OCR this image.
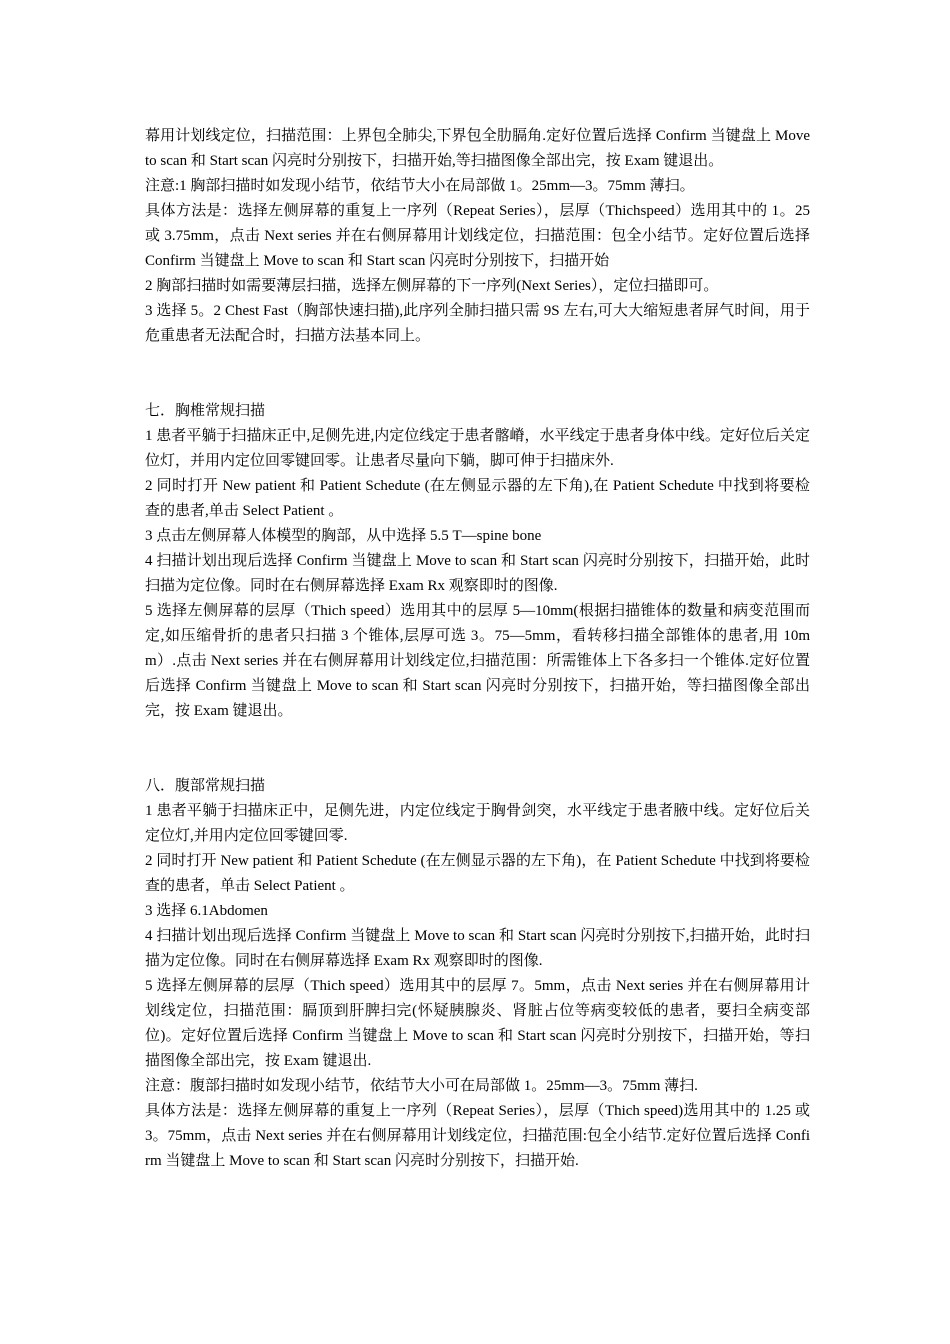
幕用计划线定位，扫描范围：上界包全肺尖,下界包全肋膈角.定好位置后选择 Confirm 当键盘上 Move to scan 和 Start scan 闪亮时分别按下，扫描开始,等扫描图像全部出完，按 Exam 键退出。

注意:1 胸部扫描时如发现小结节，依结节大小在局部做 1。25mm—3。75mm 薄扫。

具体方法是：选择左侧屏幕的重复上一序列（Repeat Series），层厚（Thichspeed）选用其中的 1。25 或 3.75mm，点击 Next series 并在右侧屏幕用计划线定位，扫描范围：包全小结节。定好位置后选择 Confirm 当键盘上 Move to scan 和 Start scan 闪亮时分别按下，扫描开始

2 胸部扫描时如需要薄层扫描，选择左侧屏幕的下一序列(Next Series），定位扫描即可。

3 选择 5。2 Chest Fast（胸部快速扫描),此序列全肺扫描只需 9S 左右,可大大缩短患者屏气时间，用于危重患者无法配合时，扫描方法基本同上。

七．胸椎常规扫描

1 患者平躺于扫描床正中,足侧先进,内定位线定于患者髂嵴，水平线定于患者身体中线。定好位后关定位灯，并用内定位回零键回零。让患者尽量向下躺，脚可伸于扫描床外.

2 同时打开 New patient 和 Patient Schedute (在左侧显示器的左下角),在 Patient Schedute 中找到将要检查的患者,单击 Select Patient 。

3 点击左侧屏幕人体模型的胸部，从中选择 5.5 T—spine bone

4 扫描计划出现后选择 Confirm 当键盘上 Move to scan 和 Start scan 闪亮时分别按下，扫描开始，此时扫描为定位像。同时在右侧屏幕选择 Exam Rx 观察即时的图像.

5 选择左侧屏幕的层厚（Thich speed）选用其中的层厚 5—10mm(根据扫描锥体的数量和病变范围而定,如压缩骨折的患者只扫描 3 个锥体,层厚可选 3。75—5mm，看转移扫描全部锥体的患者,用 10mm）.点击 Next series 并在右侧屏幕用计划线定位,扫描范围：所需锥体上下各多扫一个锥体.定好位置后选择 Confirm 当键盘上 Move to scan 和 Start scan 闪亮时分别按下，扫描开始，等扫描图像全部出完，按 Exam 键退出。

八．腹部常规扫描

1 患者平躺于扫描床正中，足侧先进，内定位线定于胸骨剑突，水平线定于患者腋中线。定好位后关定位灯,并用内定位回零键回零.

2 同时打开 New patient 和 Patient Schedute (在左侧显示器的左下角)，在 Patient Schedute 中找到将要检查的患者，单击 Select Patient 。

3 选择 6.1Abdomen

4 扫描计划出现后选择 Confirm 当键盘上 Move to scan 和 Start scan 闪亮时分别按下,扫描开始，此时扫描为定位像。同时在右侧屏幕选择 Exam Rx 观察即时的图像.

5 选择左侧屏幕的层厚（Thich speed）选用其中的层厚 7。5mm，点击 Next series 并在右侧屏幕用计划线定位，扫描范围：膈顶到肝脾扫完(怀疑胰腺炎、肾脏占位等病变较低的患者，要扫全病变部位)。定好位置后选择 Confirm 当键盘上 Move to scan 和 Start scan 闪亮时分别按下，扫描开始，等扫描图像全部出完，按 Exam 键退出.

注意：腹部扫描时如发现小结节，依结节大小可在局部做 1。25mm—3。75mm 薄扫.

具体方法是：选择左侧屏幕的重复上一序列（Repeat Series），层厚（Thich speed)选用其中的 1.25 或 3。75mm，点击 Next series 并在右侧屏幕用计划线定位，扫描范围:包全小结节.定好位置后选择 Confirm 当键盘上 Move to scan 和 Start scan 闪亮时分别按下，扫描开始.
